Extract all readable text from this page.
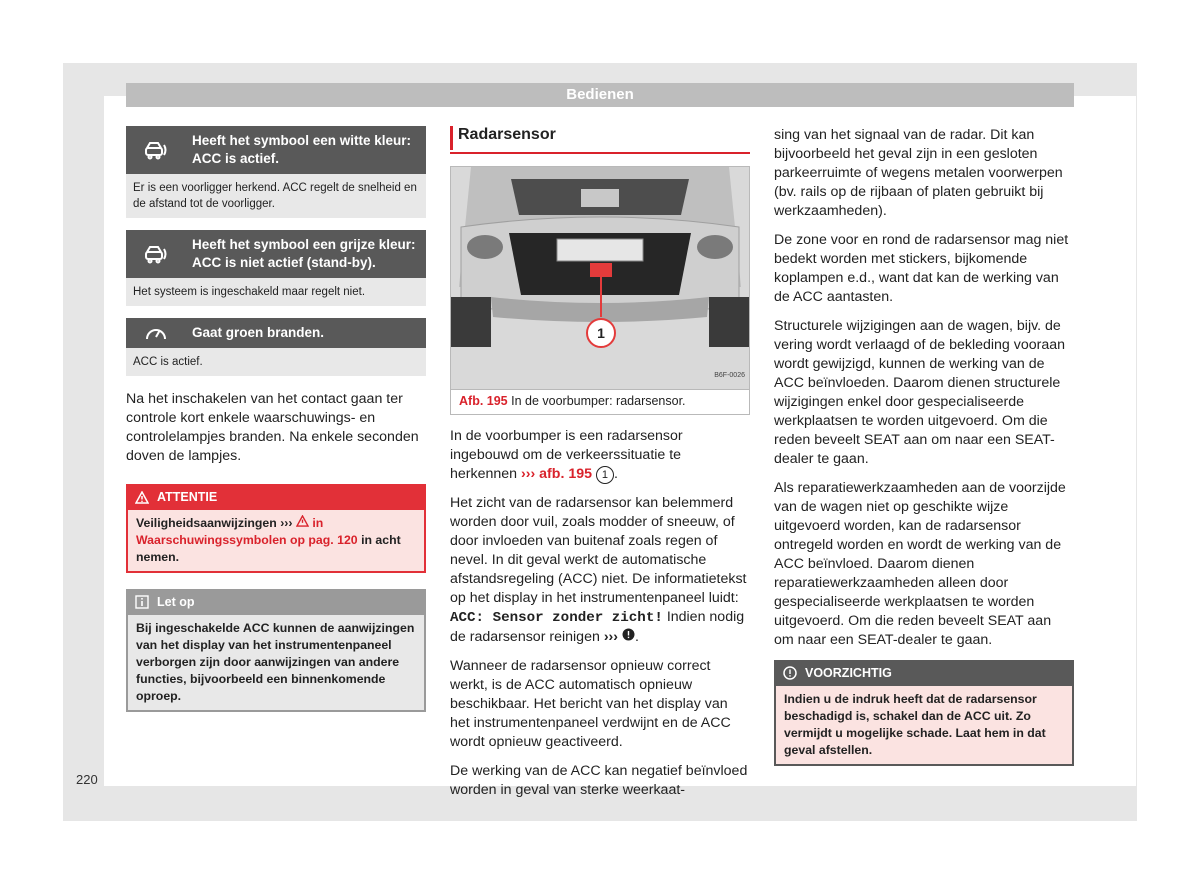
Bedienen
Heeft het symbool een witte kleur:
ACC is actief.
Er is een voorligger herkend. ACC regelt de snelheid en de afstand tot de voorligger.
Heeft het symbool een grijze kleur:
ACC is niet actief (stand-by).
Het systeem is ingeschakeld maar regelt niet.
Gaat groen branden.
ACC is actief.

Na het inschakelen van het contact gaan ter controle kort enkele waarschuwings- en controlelampjes branden. Na enkele seconden doven de lampjes.

ATTENTIE
Veiligheidsaanwijzingen ››› in Waarschuwingssymbolen op pag. 120 in acht nemen.
Let op
Bij ingeschakelde ACC kunnen de aanwijzingen van het display van het instrumentenpaneel verborgen zijn door aanwijzingen van andere functies, bijvoorbeeld een binnenkomende oproep.
Radarsensor
1
B6F-0026
Afb. 195 In de voorbumper: radarsensor.

In de voorbumper is een radarsensor ingebouwd om de verkeerssituatie te herkennen ››› afb. 195 1 .

Het zicht van de radarsensor kan belemmerd worden door vuil, zoals modder of sneeuw, of door invloeden van buitenaf zoals regen of nevel. In dit geval werkt de automatische afstandsregeling (ACC) niet. De informatietekst op het display in het instrumentenpaneel luidt: ACC: Sensor zonder zicht! Indien nodig de radarsensor reinigen ››› .

Wanneer de radarsensor opnieuw correct werkt, is de ACC automatisch opnieuw beschikbaar. Het bericht van het display van het instrumentenpaneel verdwijnt en de ACC wordt opnieuw geactiveerd.

De werking van de ACC kan negatief beïnvloed worden in geval van sterke weerkaat-

sing van het signaal van de radar. Dit kan bijvoorbeeld het geval zijn in een gesloten parkeerruimte of wegens metalen voorwerpen (bv. rails op de rijbaan of platen gebruikt bij werkzaamheden).

De zone voor en rond de radarsensor mag niet bedekt worden met stickers, bijkomende koplampen e.d., want dat kan de werking van de ACC aantasten.

Structurele wijzigingen aan de wagen, bijv. de vering wordt verlaagd of de bekleding vooraan wordt gewijzigd, kunnen de werking van de ACC beïnvloeden. Daarom dienen structurele wijzigingen enkel door gespecialiseerde werkplaatsen te worden uitgevoerd. Om die reden beveelt SEAT aan om naar een SEAT-dealer te gaan.

Als reparatiewerkzaamheden aan de voorzijde van de wagen niet op geschikte wijze uitgevoerd worden, kan de radarsensor ontregeld worden en wordt de werking van de ACC beïnvloed. Daarom dienen reparatiewerkzaamheden alleen door gespecialiseerde werkplaatsen te worden uitgevoerd. Om die reden beveelt SEAT aan om naar een SEAT-dealer te gaan.

VOORZICHTIG
Indien u de indruk heeft dat de radarsensor beschadigd is, schakel dan de ACC uit. Zo vermijdt u mogelijke schade. Laat hem in dat geval afstellen.
220
